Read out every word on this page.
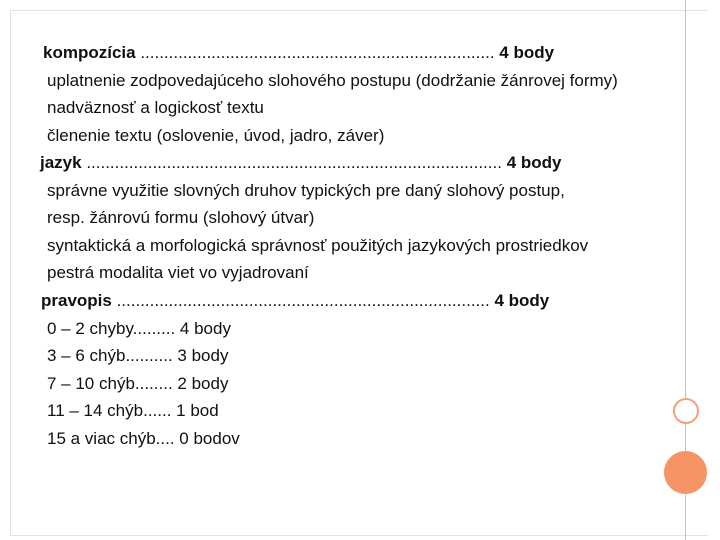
kompozícia ........................................................................... 4 body
uplatnenie zodpovedajúceho slohového postupu (dodržanie žánrovej formy)
nadväznosť a logickosť textu
členenie textu (oslovenie, úvod, jadro, záver)
jazyk ........................................................................................ 4 body
správne využitie slovných druhov typických pre daný slohový postup,
resp. žánrovú formu (slohový útvar)
syntaktická a morfologická správnosť použitých jazykových prostriedkov
pestrá modalita viet vo vyjadrovaní
pravopis ............................................................................... 4 body
0 – 2 chyby......... 4 body
3 – 6 chýb.......... 3 body
7 – 10 chýb........ 2 body
11 – 14 chýb...... 1 bod
15 a viac chýb.... 0 bodov
